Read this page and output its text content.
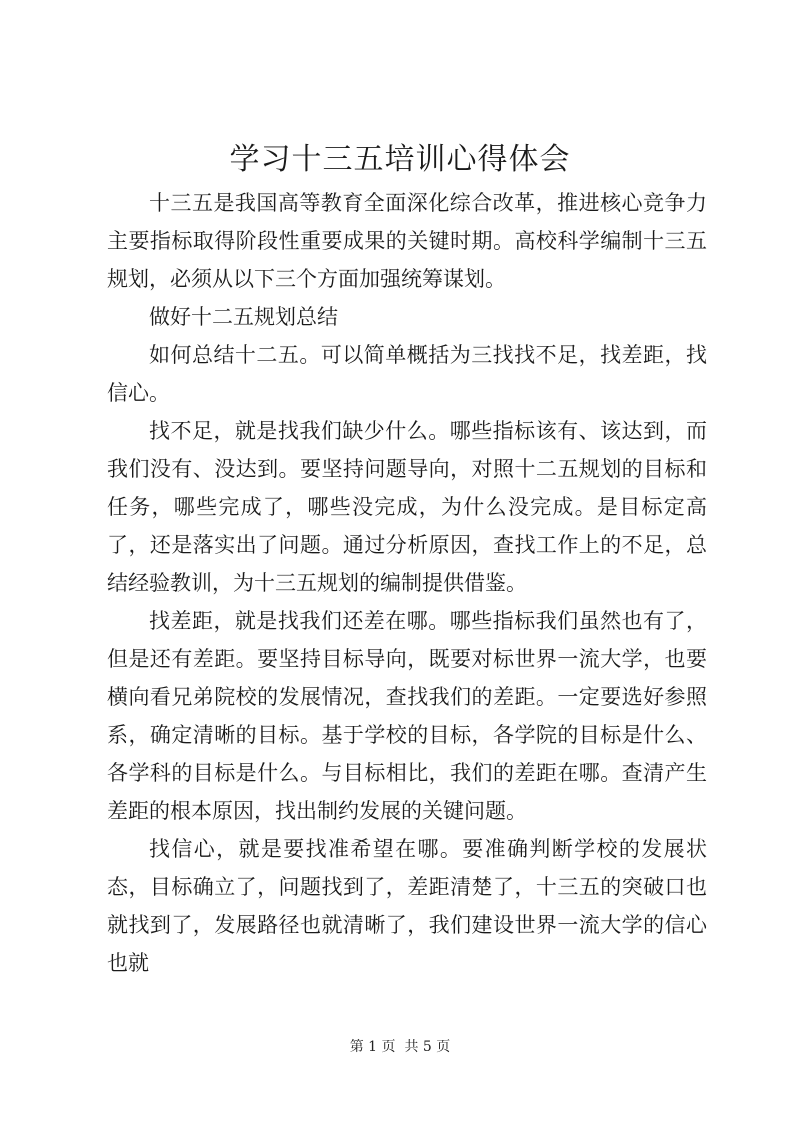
学习十三五培训心得体会

十三五是我国高等教育全面深化综合改革，推进核心竞争力主要指标取得阶段性重要成果的关键时期。高校科学编制十三五规划，必须从以下三个方面加强统筹谋划。

做好十二五规划总结

如何总结十二五。可以简单概括为三找找不足，找差距，找信心。

找不足，就是找我们缺少什么。哪些指标该有、该达到，而我们没有、没达到。要坚持问题导向，对照十二五规划的目标和任务，哪些完成了，哪些没完成，为什么没完成。是目标定高了，还是落实出了问题。通过分析原因，查找工作上的不足，总结经验教训，为十三五规划的编制提供借鉴。

找差距，就是找我们还差在哪。哪些指标我们虽然也有了，但是还有差距。要坚持目标导向，既要对标世界一流大学，也要横向看兄弟院校的发展情况，查找我们的差距。一定要选好参照系，确定清晰的目标。基于学校的目标，各学院的目标是什么、各学科的目标是什么。与目标相比，我们的差距在哪。查清产生差距的根本原因，找出制约发展的关键问题。

找信心，就是要找准希望在哪。要准确判断学校的发展状态，目标确立了，问题找到了，差距清楚了，十三五的突破口也就找到了，发展路径也就清晰了，我们建设世界一流大学的信心也就

第 1 页  共 5 页
